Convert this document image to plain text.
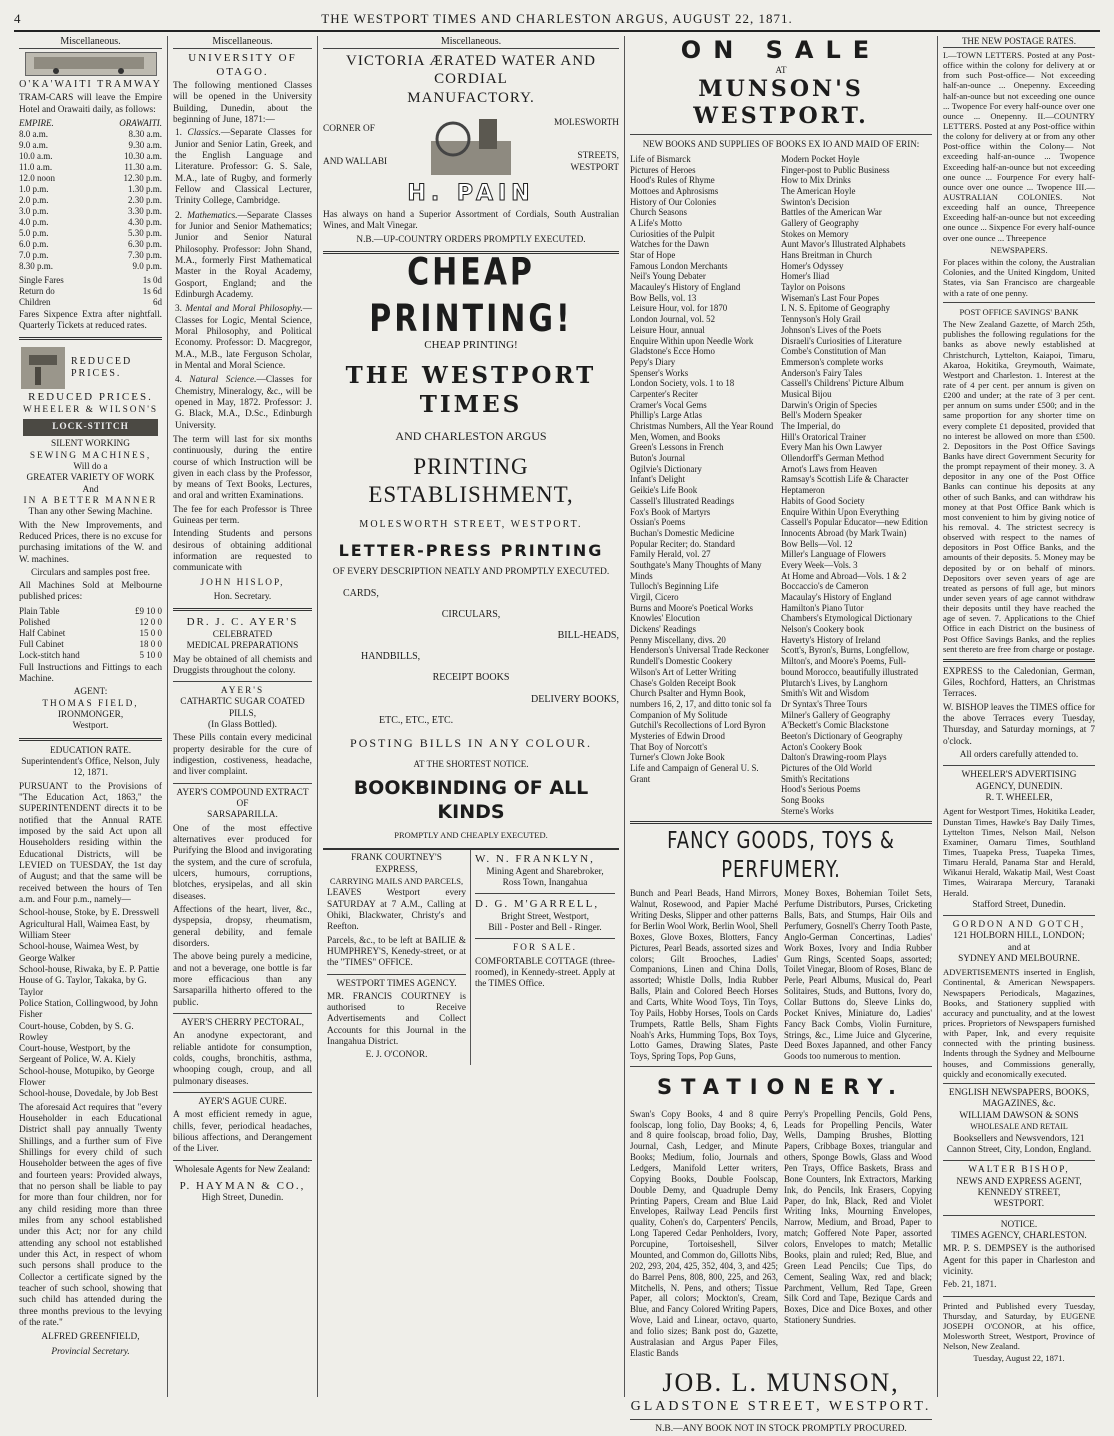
4	THE WESTPORT TIMES AND CHARLESTON ARGUS, AUGUST 22, 1871.
Miscellaneous.
O'KA'WAITI TRAMWAY

TRAM-CARS will leave the Empire Hotel and Orawaiti daily, as follows:

EMPIRE.	ORAWAITI.
8.0 a.m.	8.30 a.m.
9.0 a.m.	9.30 a.m.
10.0 a.m.	10.30 a.m.
11.0 a.m.	11.30 a.m.
12.0 noon	12.30 p.m.
1.0 p.m.	1.30 p.m.
2.0 p.m.	2.30 p.m.
3.0 p.m.	3.30 p.m.
4.0 p.m.	4.30 p.m.
5.0 p.m.	5.30 p.m.
6.0 p.m.	6.30 p.m.
7.0 p.m.	7.30 p.m.
8.30 p.m.	9.0 p.m.
Single Fares	1s 0d
Return do	1s 6d
Children	6d

Fares Sixpence Extra after nightfall. Quarterly Tickets at reduced rates.

REDUCED PRICES.
REDUCED PRICES.
WHEELER & WILSON'S
LOCK-STITCH
SILENT WORKING
SEWING MACHINES,
Will do a
GREATER VARIETY OF WORK
And
IN A BETTER MANNER
Than any other Sewing Machine.

With the New Improvements, and Reduced Prices, there is no excuse for purchasing imitations of the W. and W. machines.

Circulars and samples post free.

All Machines Sold at Melbourne published prices:

Plain Table	£9 10 0
Polished	12 0 0
Half Cabinet	15 0 0
Full Cabinet	18 0 0
Lock-stitch hand	5 10 0

Full Instructions and Fittings to each Machine.

AGENT:
THOMAS FIELD,
IRONMONGER,
Westport.
EDUCATION RATE.
Superintendent's Office, Nelson, July 12, 1871.

PURSUANT to the Provisions of "The Education Act, 1863," the SUPERINTENDENT directs it to be notified that the Annual RATE imposed by the said Act upon all Householders residing within the Educational Districts, will be LEVIED on TUESDAY, the 1st day of August; and that the same will be received between the hours of Ten a.m. and Four p.m., namely—

School-house, Stoke, by E. Dresswell
Agricultural Hall, Waimea East, by William Steer
School-house, Waimea West, by George Walker
School-house, Riwaka, by E. P. Pattie
House of G. Taylor, Takaka, by G. Taylor
Police Station, Collingwood, by John Fisher
Court-house, Cobden, by S. G. Rowley
Court-house, Westport, by the Sergeant of Police, W. A. Kiely
School-house, Motupiko, by George Flower
School-house, Dovedale, by Job Best

The aforesaid Act requires that "every Householder in each Educational District shall pay annually Twenty Shillings, and a further sum of Five Shillings for every child of such Householder between the ages of five and fourteen years: Provided always, that no person shall be liable to pay for more than four children, nor for any child residing more than three miles from any school established under this Act; nor for any child attending any school not established under this Act, in respect of whom such persons shall produce to the Collector a certificate signed by the teacher of such school, showing that such child has attended during the three months previous to the levying of the rate."

ALFRED GREENFIELD,
Provincial Secretary.
Miscellaneous.
UNIVERSITY OF OTAGO.

The following mentioned Classes will be opened in the University Building, Dunedin, about the beginning of June, 1871:—

1. Classics.—Separate Classes for Junior and Senior Latin, Greek, and the English Language and Literature. Professor: G. S. Sale, M.A., late of Rugby, and formerly Fellow and Classical Lecturer, Trinity College, Cambridge.
2. Mathematics.—Separate Classes for Junior and Senior Mathematics; Junior and Senior Natural Philosophy. Professor: John Shand, M.A., formerly First Mathematical Master in the Royal Academy, Gosport, England; and the Edinburgh Academy.
3. Mental and Moral Philosophy.—Classes for Logic, Mental Science, Moral Philosophy, and Political Economy. Professor: D. Macgregor, M.A., M.B., late Ferguson Scholar, in Mental and Moral Science.
4. Natural Science.—Classes for Chemistry, Mineralogy, &c., will be opened in May, 1872. Professor: J. G. Black, M.A., D.Sc., Edinburgh University.

The term will last for six months continuously, during the entire course of which Instruction will be given in each class by the Professor, by means of Text Books, Lectures, and oral and written Examinations.

The fee for each Professor is Three Guineas per term.

Intending Students and persons desirous of obtaining additional information are requested to communicate with

JOHN HISLOP,
Hon. Secretary.
DR. J. C. AYER'S
CELEBRATED
MEDICAL PREPARATIONS

May be obtained of all chemists and Druggists throughout the colony.

AYER'S
CATHARTIC SUGAR COATED
PILLS,
(In Glass Bottled).

These Pills contain every medicinal property desirable for the cure of indigestion, costiveness, headache, and liver complaint.

AYER'S COMPOUND EXTRACT OF
SARSAPARILLA.

One of the most effective alternatives ever produced for Purifying the Blood and invigorating the system, and the cure of scrofula, ulcers, humours, corruptions, blotches, erysipelas, and all skin diseases.

Affections of the heart, liver, &c., dyspepsia, dropsy, rheumatism, general debility, and female disorders.

The above being purely a medicine, and not a beverage, one bottle is far more efficacious than any Sarsaparilla hitherto offered to the public.

AYER'S CHERRY PECTORAL,

An anodyne expectorant, and reliable antidote for consumption, colds, coughs, bronchitis, asthma, whooping cough, croup, and all pulmonary diseases.

AYER'S AGUE CURE.

A most efficient remedy in ague, chills, fever, periodical headaches, bilious affections, and Derangement of the Liver.

Wholesale Agents for New Zealand:
P. HAYMAN & CO.,
High Street, Dunedin.
Miscellaneous.
VICTORIA ÆRATED WATER AND CORDIAL
MANUFACTORY.
CORNER OF
AND WALLABI
MOLESWORTH
STREETS, WESTPORT
H. PAIN

Has always on hand a Superior Assortment of Cordials, South Australian Wines, and Malt Vinegar.

N.B.—UP-COUNTRY ORDERS PROMPTLY EXECUTED.
CHEAP PRINTING!
CHEAP PRINTING!
THE WESTPORT TIMES
AND CHARLESTON ARGUS
PRINTING ESTABLISHMENT,
MOLESWORTH STREET, WESTPORT.
LETTER-PRESS PRINTING
OF EVERY DESCRIPTION NEATLY AND PROMPTLY EXECUTED.
CARDS,
CIRCULARS,
BILL-HEADS,
HANDBILLS,
RECEIPT BOOKS
DELIVERY BOOKS,
ETC., ETC., ETC.
POSTING BILLS IN ANY COLOUR.
AT THE SHORTEST NOTICE.
BOOKBINDING OF ALL KINDS
PROMPTLY AND CHEAPLY EXECUTED.
FRANK COURTNEY'S
EXPRESS,
CARRYING MAILS AND PARCELS,

LEAVES Westport every SATURDAY at 7 A.M., Calling at Ohiki, Blackwater, Christy's and Reefton.

Parcels, &c., to be left at BAILIE & HUMPHREY'S, Kenedy-street, or at the "TIMES" OFFICE.

WESTPORT TIMES AGENCY.

MR. FRANCIS COURTNEY is authorised to Receive Advertisements and Collect Accounts for this Journal in the Inangahua District.

E. J. O'CONOR.
W. N. FRANKLYN,
Mining Agent and Sharebroker,
Ross Town, Inangahua
D. G. M'GARRELL,
Bright Street, Westport,
Bill - Poster and Bell - Ringer.
FOR SALE.

COMFORTABLE COTTAGE (three-roomed), in Kennedy-street. Apply at the TIMES Office.

ON SALE
AT
MUNSON'S WESTPORT.
NEW BOOKS AND SUPPLIES OF BOOKS EX IO AND MAID OF ERIN:
Life of Bismarck
Pictures of Heroes
Hood's Rules of Rhyme
Mottoes and Aphrosisms
History of Our Colonies
Church Seasons
A Life's Motto
Curiosities of the Pulpit
Watches for the Dawn
Star of Hope
Famous London Merchants
Neil's Young Debater
Macauley's History of England
Bow Bells, vol. 13
Leisure Hour, vol. for 1870
London Journal, vol. 52
Leisure Hour, annual
Enquire Within upon Needle Work
Gladstone's Ecce Homo
Pepy's Diary
Spenser's Works
London Society, vols. 1 to 18
Carpenter's Reciter
Cramer's Vocal Gems
Phillip's Large Atlas
Christmas Numbers, All the Year Round
Men, Women, and Books
Green's Lessons in French
Buton's Journal
Ogilvie's Dictionary
Infant's Delight
Geikie's Life Book
Cassell's Illustrated Readings
Fox's Book of Martyrs
Ossian's Poems
Buchan's Domestic Medicine
Popular Reciter; do. Standard
Family Herald, vol. 27
Southgate's Many Thoughts of Many Minds
Tulloch's Beginning Life
Virgil, Cicero
Burns and Moore's Poetical Works
Knowles' Elocution
Dickens' Readings
Penny Miscellany, divs. 20
Henderson's Universal Trade Reckoner
Rundell's Domestic Cookery
Wilson's Art of Letter Writing
Chase's Golden Receipt Book
Church Psalter and Hymn Book, numbers 16, 2, 17, and ditto tonic sol fa
Companion of My Solitude
Gutchil's Recollections of Lord Byron
Mysteries of Edwin Drood
That Boy of Norcott's
Turner's Clown Joke Book
Life and Campaign of General U. S. Grant
Modern Pocket Hoyle
Finger-post to Public Business
How to Mix Drinks
The American Hoyle
Swinton's Decision
Battles of the American War
Gallery of Geography
Stokes on Memory
Aunt Mavor's Illustrated Alphabets
Hans Breitman in Church
Homer's Odyssey
Homer's Iliad
Taylor on Poisons
Wiseman's Last Four Popes
I. N. S. Epitome of Geography
Tennyson's Holy Grail
Johnson's Lives of the Poets
Disraeli's Curiosities of Literature
Combe's Constitution of Man
Emmerson's complete works
Anderson's Fairy Tales
Cassell's Childrens' Picture Album
Musical Bijou
Darwin's Origin of Species
Bell's Modern Speaker
The Imperial, do
Hill's Oratorical Trainer
Every Man his Own Lawyer
Ollendorff's German Method
Arnot's Laws from Heaven
Ramsay's Scottish Life & Character
Heptameron
Habits of Good Society
Enquire Within Upon Everything
Cassell's Popular Educator—new Edition
Innocents Abroad (by Mark Twain)
Bow Bells—Vol. 12
Miller's Language of Flowers
Every Week—Vols. 3
At Home and Abroad—Vols. 1 & 2
Boccaccio's de Cameron
Macaulay's History of England
Hamilton's Piano Tutor
Chambers's Etymological Dictionary
Nelson's Cookery book
Haverty's History of Ireland
Scott's, Byron's, Burns, Longfellow, Milton's, and Moore's Poems, Full-bound Morocco, beautifully illustrated
Plutarch's Lives, by Langhorn
Smith's Wit and Wisdom
Dr Syntax's Three Tours
Milner's Gallery of Geography
A'Beckett's Comic Blackstone
Beeton's Dictionary of Geography
Acton's Cookery Book
Dalton's Drawing-room Plays
Pictures of the Old World
Smith's Recitations
Hood's Serious Poems
Song Books
Sterne's Works
FANCY GOODS, TOYS & PERFUMERY.

Bunch and Pearl Beads, Hand Mirrors, Walnut, Rosewood, and Papier Maché Writing Desks, Slipper and other patterns for Berlin Wool Work, Berlin Wool, Shell Boxes, Glove Boxes, Blotters, Fancy Pictures, Pearl Beads, assorted sizes and colors; Gilt Brooches, Ladies' Companions, Linen and China Dolls, assorted; Whistle Dolls, India Rubber Balls, Plain and Colored Beech Horses and Carts, White Wood Toys, Tin Toys, Toy Pails, Hobby Horses, Tools on Cards Trumpets, Rattle Bells, Sham Fights Noah's Arks, Humming Tops, Box Toys, Lotto Games, Drawing Slates, Paste Toys, Spring Tops, Pop Guns,

Money Boxes, Bohemian Toilet Sets, Perfume Distributors, Purses, Cricketing Balls, Bats, and Stumps, Hair Oils and Perfumery, Gosnell's Cherry Tooth Paste, Anglo-German Concertinas, Ladies' Work Boxes, Ivory and India Rubber Gum Rings, Scented Soaps, assorted; Toilet Vinegar, Bloom of Roses, Blanc de Perle, Pearl Albums, Musical do, Pearl Solitaires, Studs, and Buttons, Ivory do, Collar Buttons do, Sleeve Links do, Pocket Knives, Miniature do, Ladies' Fancy Back Combs, Violin Furniture, Strings, &c., Lime Juice and Glycerine, Deed Boxes Japanned, and other Fancy Goods too numerous to mention.

STATIONERY.

Swan's Copy Books, 4 and 8 quire foolscap, long folio, Day Books; 4, 6, and 8 quire foolscap, broad folio, Day, Journal, Cash, Ledger, and Minute Books; Medium, folio, Journals and Ledgers, Manifold Letter writers, Copying Books, Double Foolscap, Double Demy, and Quadruple Demy Printing Papers, Cream and Blue Laid Envelopes, Railway Lead Pencils first quality, Cohen's do, Carpenters' Pencils, Long Tapered Cedar Penholders, Ivory, Porcupine, Tortoiseshell, Silver Mounted, and Common do, Gillotts Nibs, 202, 293, 204, 425, 352, 404, 3, and 425; do Barrel Pens, 808, 800, 225, and 263, Mitchells, N. Pens, and others; Tissue Paper, all colors; Mockton's, Cream, Blue, and Fancy Colored Writing Papers, Wove, Laid and Linear, octavo, quarto, and folio sizes; Bank post do, Gazette, Australasian and Argus Paper Files, Elastic Bands

Perry's Propelling Pencils, Gold Pens, Leads for Propelling Pencils, Water Wells, Damping Brushes, Blotting Papers, Cribbage Boxes, triangular and others, Sponge Bowls, Glass and Wood Pen Trays, Office Baskets, Brass and Bone Counters, Ink Extractors, Marking Ink, do Pencils, Ink Erasers, Copying Paper, do Ink, Black, Red and Violet Writing Inks, Mourning Envelopes, Narrow, Medium, and Broad, Paper to match; Goffered Note Paper, assorted colors, Envelopes to match; Metallic Books, plain and ruled; Red, Blue, and Green Lead Pencils; Cue Tips, do Cement, Sealing Wax, red and black; Parchment, Vellum, Red Tape, Green Silk Cord and Tape, Bezique Cards and Boxes, Dice and Dice Boxes, and other Stationery Sundries.

JOB. L. MUNSON,
GLADSTONE STREET, WESTPORT.
N.B.—ANY BOOK NOT IN STOCK PROMPTLY PROCURED.
THE NEW POSTAGE RATES.

I.—TOWN LETTERS. Posted at any Post-office within the colony for delivery at or from such Post-office— Not exceeding half-an-ounce ... Onepenny. Exceeding half-an-ounce but not exceeding one ounce ... Twopence For every half-ounce over one ounce ... Onepenny. II.—COUNTRY LETTERS. Posted at any Post-office within the colony for delivery at or from any other Post-office within the Colony— Not exceeding half-an-ounce ... Twopence Exceeding half-an-ounce but not exceeding one ounce ... Fourpence For every half-ounce over one ounce ... Twopence III.—AUSTRALIAN COLONIES. Not exceeding half an ounce, Threepence Exceeding half-an-ounce but not exceeding one ounce ... Sixpence For every half-ounce over one ounce ... Threepence

NEWSPAPERS.

For places within the colony, the Australian Colonies, and the United Kingdom, United States, via San Francisco are chargeable with a rate of one penny.

POST OFFICE SAVINGS' BANK

The New Zealand Gazette, of March 25th, publishes the following regulations for the banks as above newly established at Christchurch, Lyttelton, Kaiapoi, Timaru, Akaroa, Hokitika, Greymouth, Waimate, Westport and Charleston. 1. Interest at the rate of 4 per cent. per annum is given on £200 and under; at the rate of 3 per cent. per annum on sums under £500; and in the same proportion for any shorter time on every complete £1 deposited, provided that no interest be allowed on more than £500. 2. Depositors in the Post Office Savings Banks have direct Government Security for the prompt repayment of their money. 3. A depositor in any one of the Post Office Banks can continue his deposits at any other of such Banks, and can withdraw his money at that Post Office Bank which is most convenient to him by giving notice of his removal. 4. The strictest secrecy is observed with respect to the names of depositors in Post Office Banks, and the amounts of their deposits. 5. Money may be deposited by or on behalf of minors. Depositors over seven years of age are treated as persons of full age, but minors under seven years of age cannot withdraw their deposits until they have reached the age of seven. 7. Applications to the Chief Office in each District on the business of Post Office Savings Banks, and the replies sent thereto are free from charge or postage.

EXPRESS to the Caledonian, German, Giles, Rochford, Hatters, an Christmas Terraces.

W. BISHOP leaves the TIMES office for the above Terraces every Tuesday, Thursday, and Saturday mornings, at 7 o'clock.

All orders carefully attended to.

WHEELER'S ADVERTISING AGENCY, DUNEDIN.
R. T. WHEELER,

Agent for Westport Times, Hokitika Leader, Dunstan Times, Hawke's Bay Daily Times, Lyttelton Times, Nelson Mail, Nelson Examiner, Oamaru Times, Southland Times, Tuapeka Press, Tuapeka Times, Timaru Herald, Panama Star and Herald, Wikanui Herald, Wakatip Mail, West Coast Times, Wairarapa Mercury, Taranaki Herald.

Stafford Street, Dunedin.
GORDON AND GOTCH,
121 HOLBORN HILL, LONDON;
and at
SYDNEY AND MELBOURNE.

ADVERTISEMENTS inserted in English, Continental, & American Newspapers. Newspapers Periodicals, Magazines, Books, and Stationery supplied with accuracy and punctuality, and at the lowest prices. Proprietors of Newspapers furnished with Paper, Ink, and every requisite connected with the printing business. Indents through the Sydney and Melbourne houses, and Commissions generally, quickly and economically executed.

ENGLISH NEWSPAPERS, BOOKS, MAGAZINES, &c.
WILLIAM DAWSON & SONS
WHOLESALE AND RETAIL

Booksellers and Newsvendors, 121 Cannon Street, City, London, England.

WALTER BISHOP,
NEWS AND EXPRESS AGENT,
KENNEDY STREET,
WESTPORT.
NOTICE.
TIMES AGENCY, CHARLESTON.

MR. P. S. DEMPSEY is the authorised Agent for this paper in Charleston and vicinity.

Feb. 21, 1871.

Printed and Published every Tuesday, Thursday, and Saturday, by EUGENE JOSEPH O'CONOR, at his office, Molesworth Street, Westport, Province of Nelson, New Zealand.

Tuesday, August 22, 1871.
